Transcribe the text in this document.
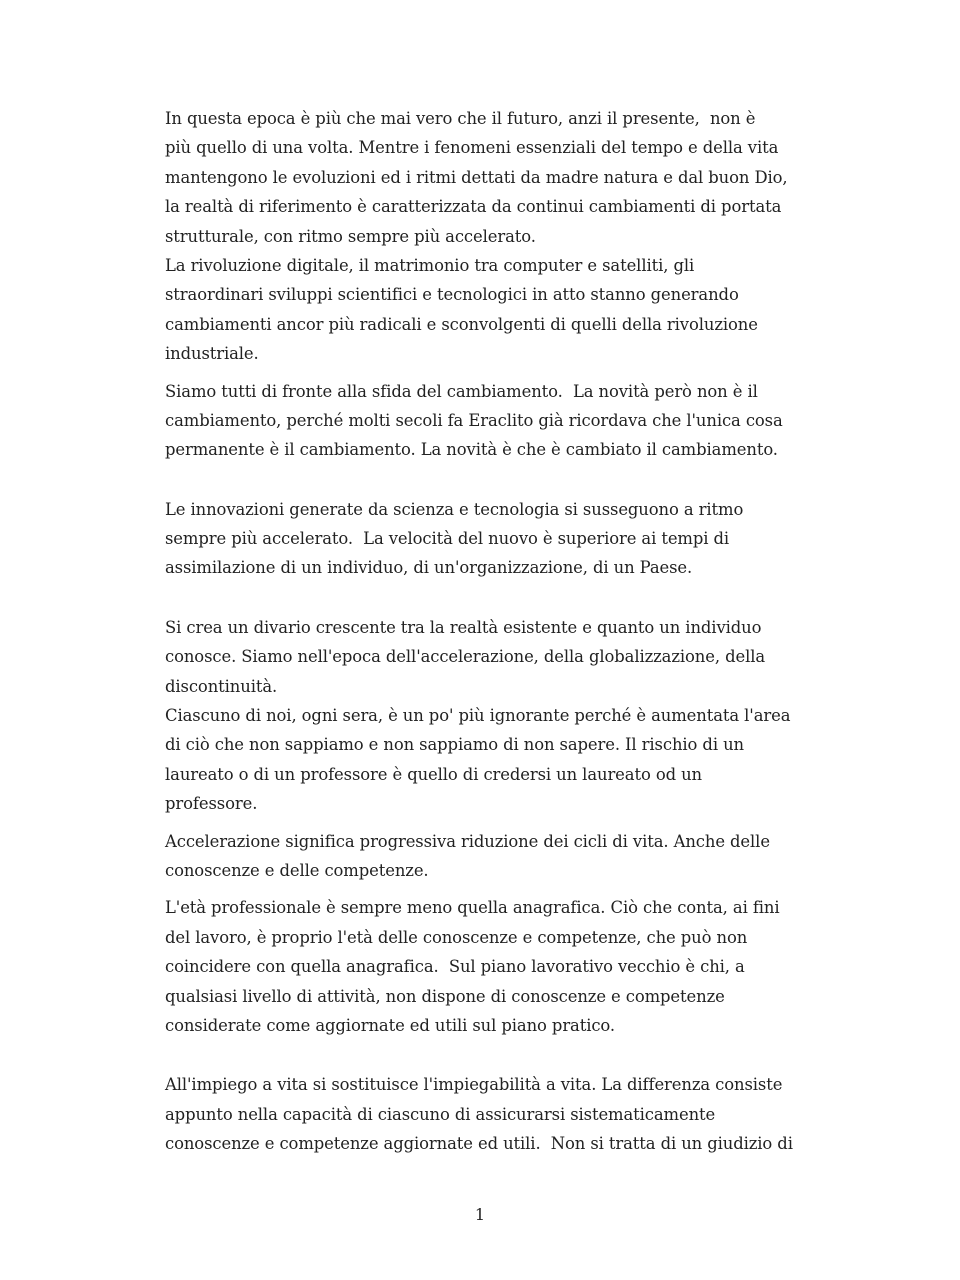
In questa epoca è più che mai vero che il futuro, anzi il presente,  non è
più quello di una volta. Mentre i fenomeni essenziali del tempo e della vita
mantengono le evoluzioni ed i ritmi dettati da madre natura e dal buon Dio,
la realtà di riferimento è caratterizzata da continui cambiamenti di portata
strutturale, con ritmo sempre più accelerato.
La rivoluzione digitale, il matrimonio tra computer e satelliti, gli
straordinari sviluppi scientifici e tecnologici in atto stanno generando
cambiamenti ancor più radicali e sconvolgenti di quelli della rivoluzione
industriale.
Siamo tutti di fronte alla sfida del cambiamento.  La novità però non è il
cambiamento, perché molti secoli fa Eraclito già ricordava che l'unica cosa
permanente è il cambiamento. La novità è che è cambiato il cambiamento.
Le innovazioni generate da scienza e tecnologia si susseguono a ritmo
sempre più accelerato.  La velocità del nuovo è superiore ai tempi di
assimilazione di un individuo, di un'organizzazione, di un Paese.
Si crea un divario crescente tra la realtà esistente e quanto un individuo
conosce. Siamo nell'epoca dell'accelerazione, della globalizzazione, della
discontinuità.
Ciascuno di noi, ogni sera, è un po' più ignorante perché è aumentata l'area
di ciò che non sappiamo e non sappiamo di non sapere. Il rischio di un
laureato o di un professore è quello di credersi un laureato od un
professore.
Accelerazione significa progressiva riduzione dei cicli di vita. Anche delle
conoscenze e delle competenze.
L'età professionale è sempre meno quella anagrafica. Ciò che conta, ai fini
del lavoro, è proprio l'età delle conoscenze e competenze, che può non
coincidere con quella anagrafica.  Sul piano lavorativo vecchio è chi, a
qualsiasi livello di attività, non dispone di conoscenze e competenze
considerate come aggiornate ed utili sul piano pratico.
All'impiego a vita si sostituisce l'impiegabilità a vita. La differenza consiste
appunto nella capacità di ciascuno di assicurarsi sistematicamente
conoscenze e competenze aggiornate ed utili.  Non si tratta di un giudizio di
1
